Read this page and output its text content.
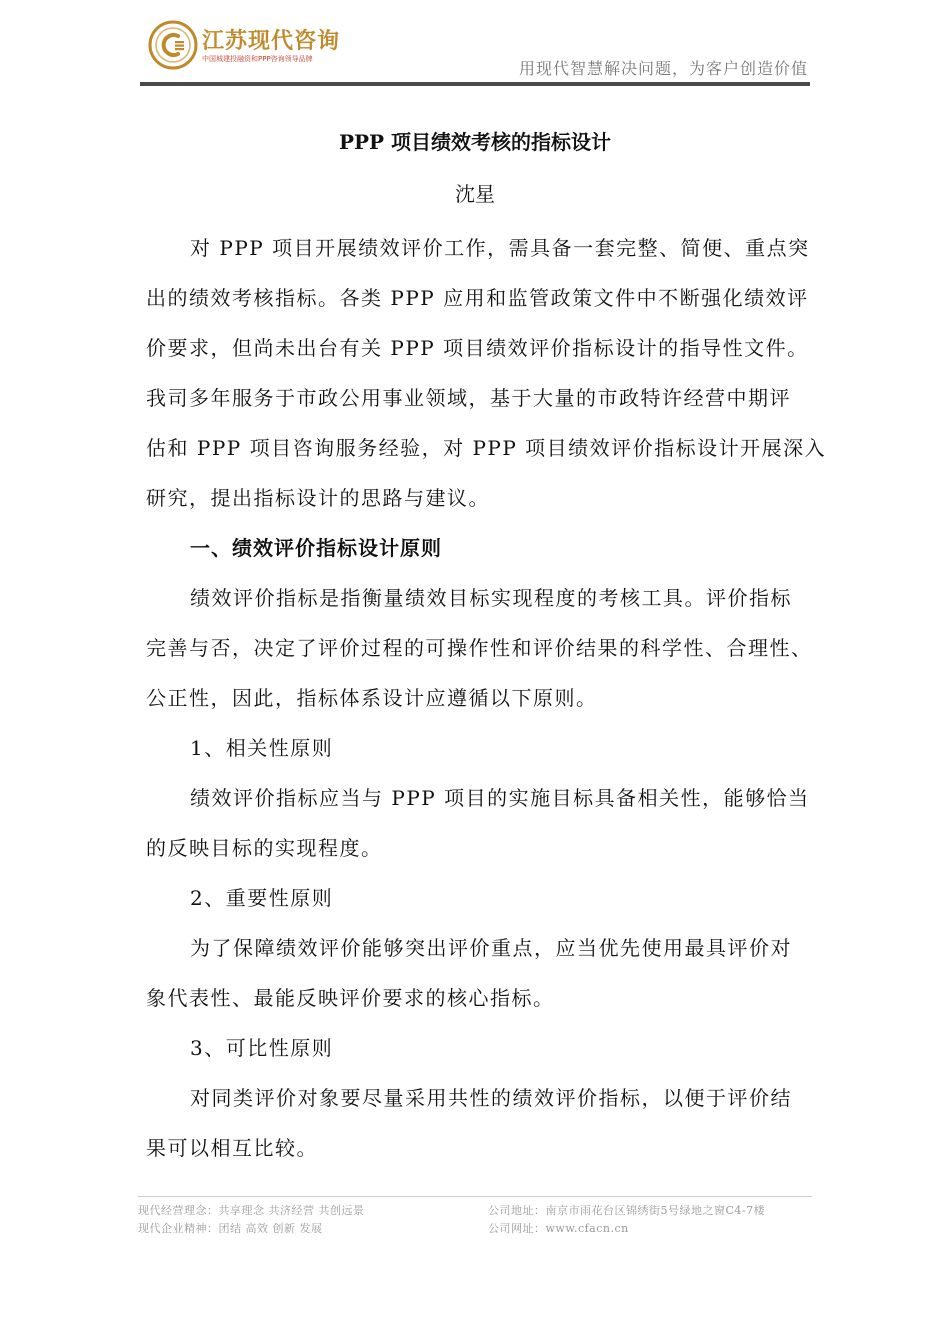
江苏现代咨询
中国城建投融资和PPP咨询领导品牌	用现代智慧解决问题，为客户创造价值
PPP 项目绩效考核的指标设计
沈星
对 PPP 项目开展绩效评价工作，需具备一套完整、简便、重点突
出的绩效考核指标。各类 PPP 应用和监管政策文件中不断强化绩效评
价要求，但尚未出台有关 PPP 项目绩效评价指标设计的指导性文件。
我司多年服务于市政公用事业领域，基于大量的市政特许经营中期评
估和 PPP 项目咨询服务经验，对 PPP 项目绩效评价指标设计开展深入
研究，提出指标设计的思路与建议。
一、绩效评价指标设计原则
绩效评价指标是指衡量绩效目标实现程度的考核工具。评价指标
完善与否，决定了评价过程的可操作性和评价结果的科学性、合理性、
公正性，因此，指标体系设计应遵循以下原则。
1、相关性原则
绩效评价指标应当与 PPP 项目的实施目标具备相关性，能够恰当
的反映目标的实现程度。
2、重要性原则
为了保障绩效评价能够突出评价重点，应当优先使用最具评价对
象代表性、最能反映评价要求的核心指标。
3、可比性原则
对同类评价对象要尽量采用共性的绩效评价指标，以便于评价结
果可以相互比较。
现代经营理念：共享理念 共济经营 共创远景
现代企业精神：团结 高效 创新 发展
公司地址：南京市雨花台区锦绣街5号绿地之窗C4-7楼
公司网址：www.cfacn.cn
